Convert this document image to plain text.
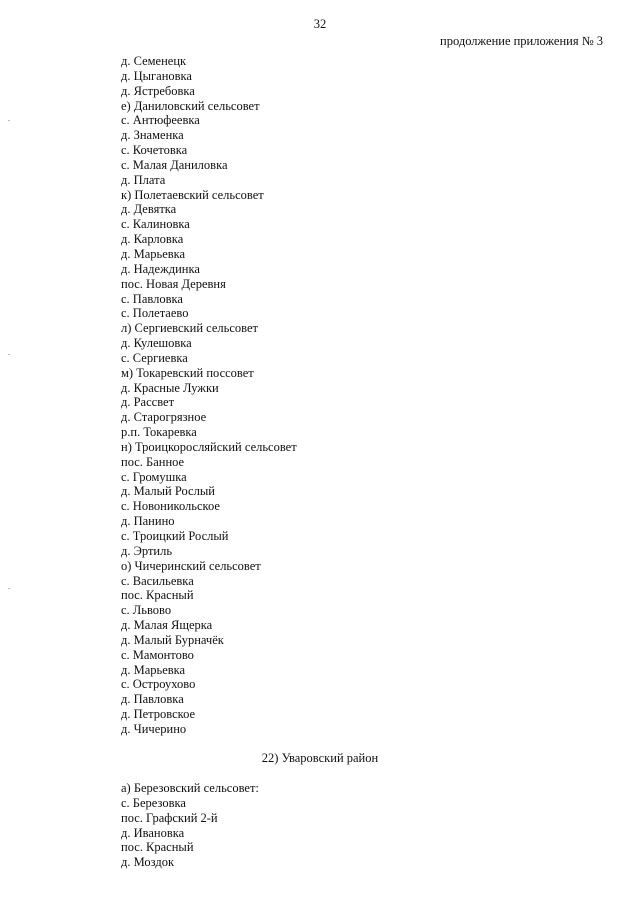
32
продолжение приложения № 3
д. Семенецк
д. Цыгановка
д. Ястребовка
е) Даниловский сельсовет
с. Антюфеевка
д. Знаменка
с. Кочетовка
с. Малая Даниловка
д. Плата
к) Полетаевский сельсовет
д. Девятка
с. Калиновка
д. Карловка
д. Марьевка
д. Надеждинка
пос. Новая Деревня
с. Павловка
с. Полетаево
л) Сергиевский сельсовет
д. Кулешовка
с. Сергиевка
м) Токаревский поссовет
д. Красные Лужки
д. Рассвет
д. Старогрязное
р.п. Токаревка
н) Троицкоросляйский сельсовет
пос. Банное
с. Громушка
д. Малый Рослый
с. Новоникольское
д. Панино
с. Троицкий Рослый
д. Эртиль
о) Чичеринский сельсовет
с. Васильевка
пос. Красный
с. Львово
д. Малая Ящерка
д. Малый Бурначёк
с. Мамонтово
д. Марьевка
с. Остроухово
д. Павловка
д. Петровское
д. Чичерино
22) Уваровский район
а) Березовский сельсовет:
с. Березовка
пос. Графский 2-й
д. Ивановка
пос. Красный
д. Моздок
